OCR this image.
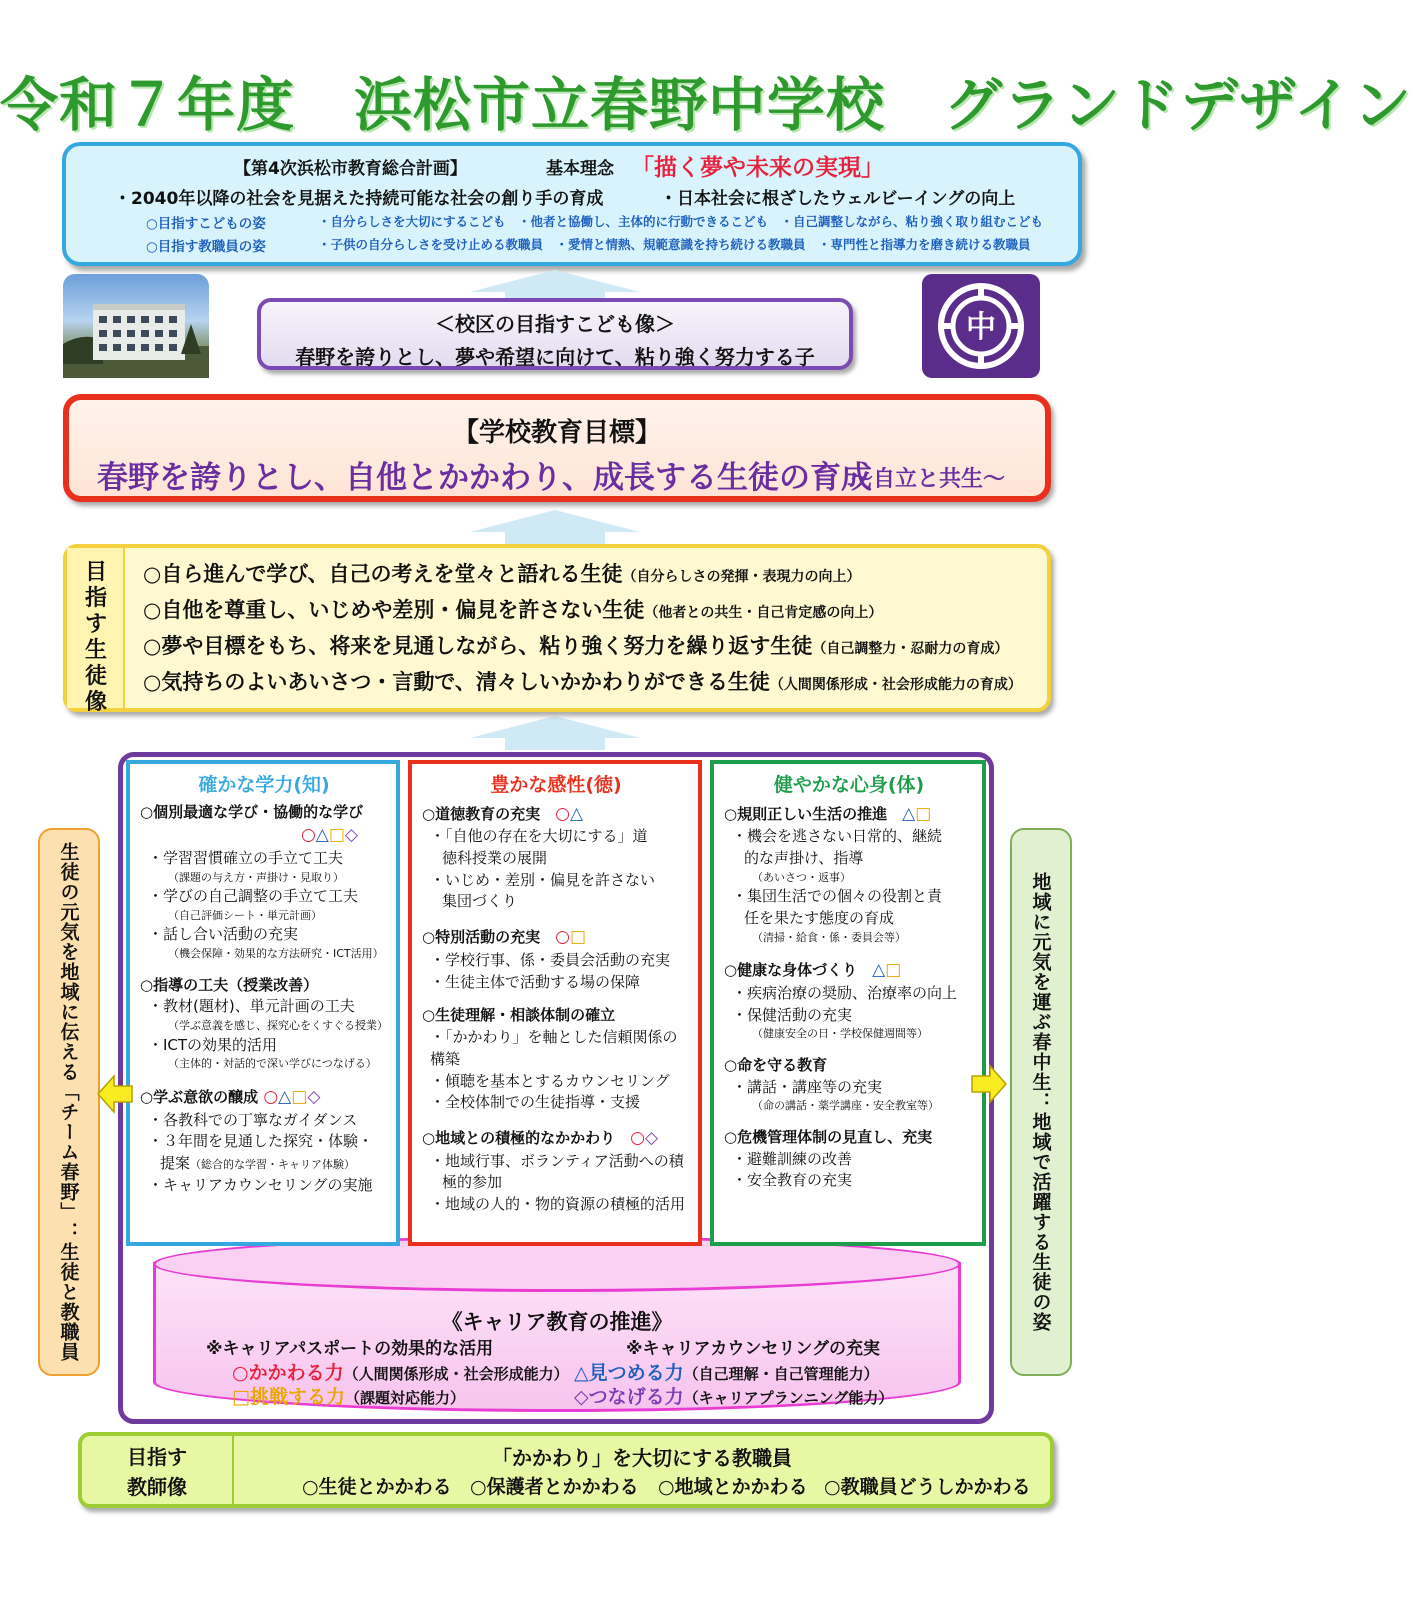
令和７年度　浜松市立春野中学校　グランドデザイン
【第4次浜松市教育総合計画】	基本理念 「描く夢や未来の実現」
・2040年以降の社会を見据えた持続可能な社会の創り手の育成	・日本社会に根ざしたウェルビーイングの向上
○目指すこどもの姿	・自分らしさを大切にするこども　・他者と協働し、主体的に行動できるこども　・自己調整しながら、粘り強く取り組むこども
○目指す教職員の姿	・子供の自分らしさを受け止める教職員　・愛情と情熱、規範意識を持ち続ける教職員　・専門性と指導力を磨き続ける教職員
中
＜校区の目指すこども像＞
春野を誇りとし、夢や希望に向けて、粘り強く努力する子
【学校教育目標】
春野を誇りとし、自他とかかわり、成長する生徒の育成
～自立と共生～
目指す生徒像
○自ら進んで学び、自己の考えを堂々と語れる生徒（自分らしさの発揮・表現力の向上）
○自他を尊重し、いじめや差別・偏見を許さない生徒（他者との共生・自己肯定感の向上）
○夢や目標をもち、将来を見通しながら、粘り強く努力を繰り返す生徒（自己調整力・忍耐力の育成）
○気持ちのよいあいさつ・言動で、清々しいかかわりができる生徒（人間関係形成・社会形成能力の育成）
《キャリア教育の推進》
※キャリアパスポートの効果的な活用	※キャリアカウンセリングの充実
○かかわる力（人間関係形成・社会形成能力） △見つめる力（自己理解・自己管理能力）
□挑戦する力（課題対応能力）	◇つなげる力（キャリアプランニング能力）
確かな学力(知)
○個別最適な学び・協働的な学び
○△□◇
・学習習慣確立の手立て工夫
（課題の与え方・声掛け・見取り）
・学びの自己調整の手立て工夫
（自己評価シート・単元計画）
・話し合い活動の充実
（機会保障・効果的な方法研究・ICT活用）
○指導の工夫（授業改善）
・教材(題材)、単元計画の工夫
（学ぶ意義を感じ、探究心をくすぐる授業）
・ICTの効果的活用
（主体的・対話的で深い学びにつなげる）
○学ぶ意欲の醸成 ○△□◇
・各教科での丁寧なガイダンス
・３年間を見通した探究・体験・
提案（総合的な学習・キャリア体験）
・キャリアカウンセリングの実施
豊かな感性(徳)
○道徳教育の充実　 ○△
・「自他の存在を大切にする」道
徳科授業の展開
・いじめ・差別・偏見を許さない
集団づくり
○特別活動の充実　 ○□
・学校行事、係・委員会活動の充実
・生徒主体で活動する場の保障
○生徒理解・相談体制の確立
・「かかわり」を軸とした信頼関係の構築
・傾聴を基本とするカウンセリング
・全校体制での生徒指導・支援
○地域との積極的なかかわり　 ○◇
・地域行事、ボランティア活動への積
極的参加
・地域の人的・物的資源の積極的活用
健やかな心身(体)
○規則正しい生活の推進　 △□
・機会を逃さない日常的、継続
的な声掛け、指導
（あいさつ・返事）
・集団生活での個々の役割と責
任を果たす態度の育成
（清掃・給食・係・委員会等）
○健康な身体づくり　 △□
・疾病治療の奨励、治療率の向上
・保健活動の充実
（健康安全の日・学校保健週間等）
○命を守る教育
・講話・講座等の充実
（命の講話・薬学講座・安全教室等）
○危機管理体制の見直し、充実
・避難訓練の改善
・安全教育の充実
生徒の元気を地域に伝える「チーム春野」：生徒と教職員	地域に元気を運ぶ春中生：地域で活躍する生徒の姿
目指す
教師像
「かかわり」を大切にする教職員
○生徒とかかわる ○保護者とかかわる ○地域とかかわる ○教職員どうしかかわる
